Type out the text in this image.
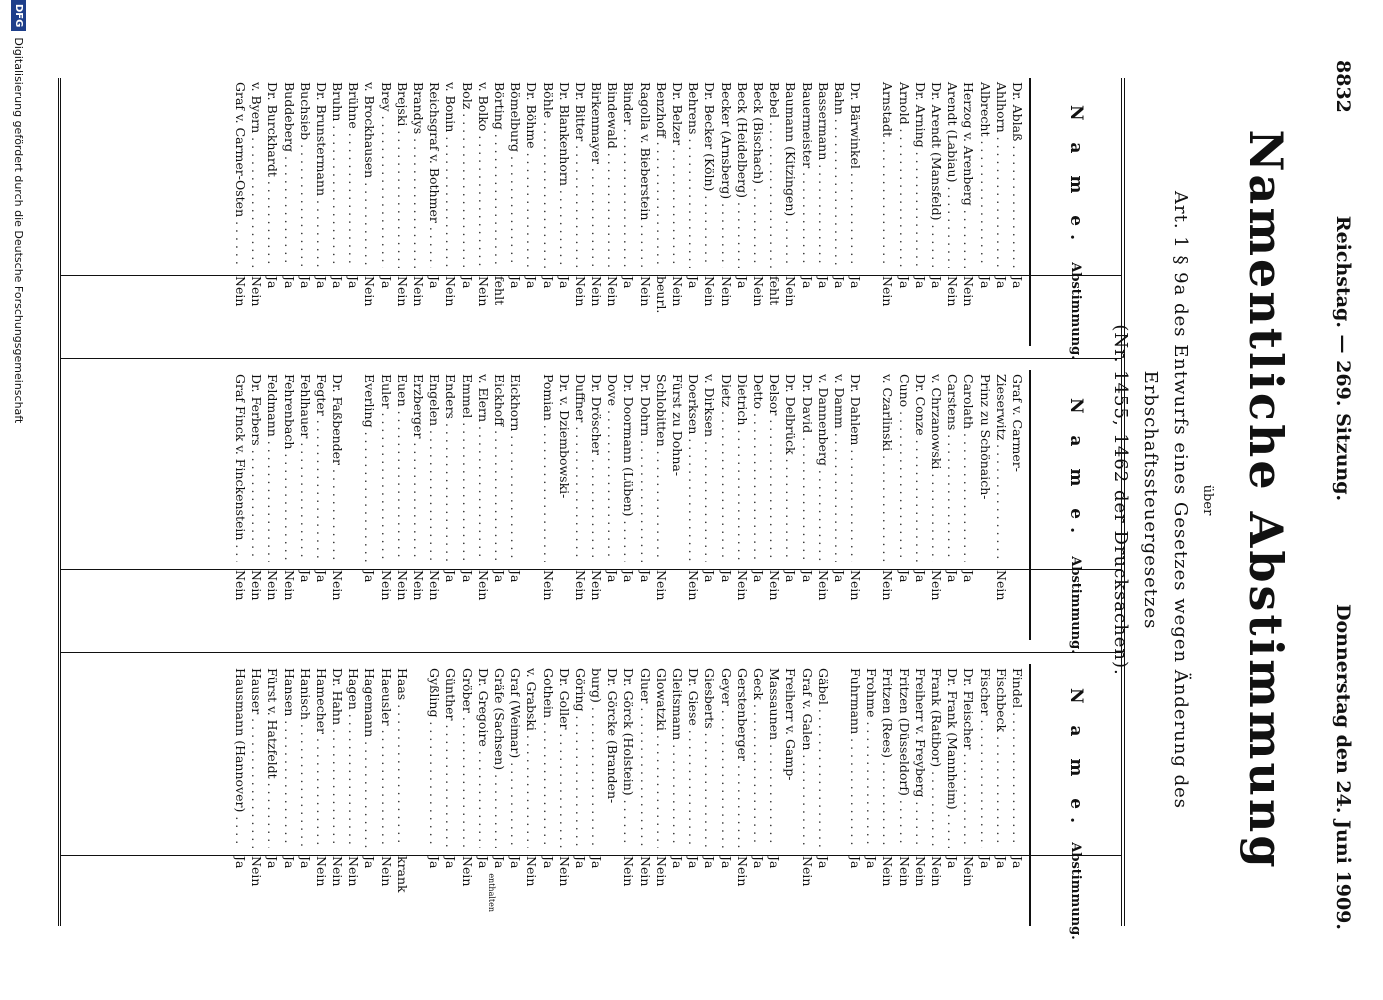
8832
Reichstag. — 269. Sitzung.
Donnerstag den 24. Juni 1909.
Namentliche Abstimmung
über
Art. 1 § 9a des Entwurfs eines Gesetzes wegen Änderung des Erbschaftssteuergesetzes
(Nr. 1455, 1462 der Drucksachen).
N a m e.
Abstimmung.
Dr. Ablaß . . .
Ja
Ahlhorn . . .
Ja
Albrecht . . .
Ja
Herzog v. Arenberg . . .
Nein
Arendt (Labiau) . . .
Nein
Dr. Arendt (Mansfeld) . . .
Ja
Dr. Arning . . .
Ja
Arnold . . .
Ja
Arnstadt . . .
Nein
Dr. Bärwinkel . . .
Ja
Bahn . . .
Ja
Bassermann . . .
Ja
Bauermeister . . .
Ja
Baumann (Kitzingen) . . .
Nein
Bebel . . .
fehlt
Beck (Bischach) . . .
Nein
Beck (Heidelberg) . . .
Ja
Becker (Arnsberg) . . .
Nein
Dr. Becker (Köln) . . .
Nein
Behrens . . .
Ja
Dr. Belzer . . .
Nein
Benzhoff . . .
beurl.
Ragolla v. Bieberstein . . .
Nein
Binder . . .
Ja
Bindewald . . .
Nein
Birkenmayer . . .
Nein
Dr. Bitter . . .
Nein
Dr. Blankenhorn . . .
Ja
Böhle . . .
Ja
Dr. Böhme . . .
Ja
Bömelburg . . .
Ja
Börting . . .
fehlt
v. Bolko . . .
Nein
Bolz . . .
Ja
v. Bonin . . .
Nein
Reichsgraf v. Bothmer . . .
Ja
Brandys . . .
Nein
Brejski . . .
Nein
Brey . . .
Ja
v. Brockhausen . . .
Nein
Brühne . . .
Ja
Bruhn . . .
Ja
Dr. Brunstermann . . .
Ja
Buchsieb . . .
Ja
Buddeberg . . .
Ja
Dr. Burckhardt . . .
Ja
v. Byern . . .
Nein
Graf v. Carmer-Osten . . .
Nein
N a m e.
Abstimmung.
Graf v. Carmer-
Zieserwitz . . .
Nein
Prinz zu Schönaich-
Carolath . . .
Ja
Carstens . . .
Ja
v. Chrzanowski . . .
Nein
Dr. Conze . . .
Ja
Cuno . . .
Ja
v. Czarlinski . . .
Nein
Dr. Dahlem . . .
Nein
v. Damm . . .
Ja
v. Dannenberg . . .
Nein
Dr. David . . .
Ja
Dr. Delbrück . . .
Ja
Delsor . . .
Nein
Detto . . .
Ja
Dietrich . . .
Nein
Dietz . . .
Ja
v. Dirksen . . .
Ja
Doerksen . . .
Nein
Fürst zu Dohna-
Schlobitten . . .
Nein
Dr. Dohrn . . .
Ja
Dr. Doormann (Lüben) . . .
Ja
Dove . . .
Ja
Dr. Dröscher . . .
Nein
Duffner . . .
Nein
Dr. v. Dziembowski-
Pomian . . .
Nein
Eickhorn . . .
Ja
Eickhoff . . .
Ja
v. Elern . . .
Nein
Emmel . . .
Ja
Enders . . .
Ja
Engelen . . .
Nein
Erzberger . . .
Nein
Euen . . .
Nein
Euler . . .
Nein
Everling . . .
Ja
Dr. Faßbender . . .
Nein
Fegter . . .
Ja
Fehlhauer . . .
Ja
Fehrenbach . . .
Nein
Feldmann . . .
Nein
Dr. Ferbers . . .
Nein
Graf Finck v. Finckenstein . . .
Nein
N a m e.
Abstimmung.
Findel . . .
Ja
Fischbeck . . .
Ja
Fischer . . .
Ja
Dr. Fleischer . . .
Nein
Dr. Frank (Mannheim) . . .
Ja
Frank (Ratibor) . . .
Nein
Freiherr v. Freyberg . . .
Nein
Fritzen (Düsseldorf) . . .
Nein
Fritzen (Rees) . . .
Nein
Frohme . . .
Ja
Fuhrmann . . .
Ja
Gäbel . . .
Ja
Graf v. Galen . . .
Nein
Freiherr v. Gamp-
Massaunen . . .
Ja
Geck . . .
Ja
Gerstenberger . . .
Nein
Geyer . . .
Ja
Giesberts . . .
Ja
Dr. Giese . . .
Ja
Gleitsmann . . .
Ja
Glowatzki . . .
Nein
Gluer . . .
Nein
Dr. Görck (Holstein) . . .
Nein
Dr. Görcke (Branden-
burg) . . .
Ja
Göring . . .
Ja
Dr. Goller . . .
Nein
Gothein . . .
Ja
v. Grabski . . .
Nein
Graf (Weimar) . . .
Ja
Gräfe (Sachsen) . . .
Ja
Dr. Gregoire . . .
Ja
enthalten
Gröber . . .
Nein
Günther . . .
Ja
Gyßling . . .
Ja
Haas . . .
krank
Haeusler . . .
Nein
Hagemann . . .
Ja
Hagen . . .
Nein
Dr. Hahn . . .
Nein
Hamecher . . .
Nein
Hanisch . . .
Ja
Hansen . . .
Ja
Fürst v. Hatzfeldt . . .
Ja
Hauser . . .
Nein
Hausmann (Hannover) . . .
Ja
DFG
Digitalisierung gefördert durch die Deutsche Forschungsgemeinschaft
